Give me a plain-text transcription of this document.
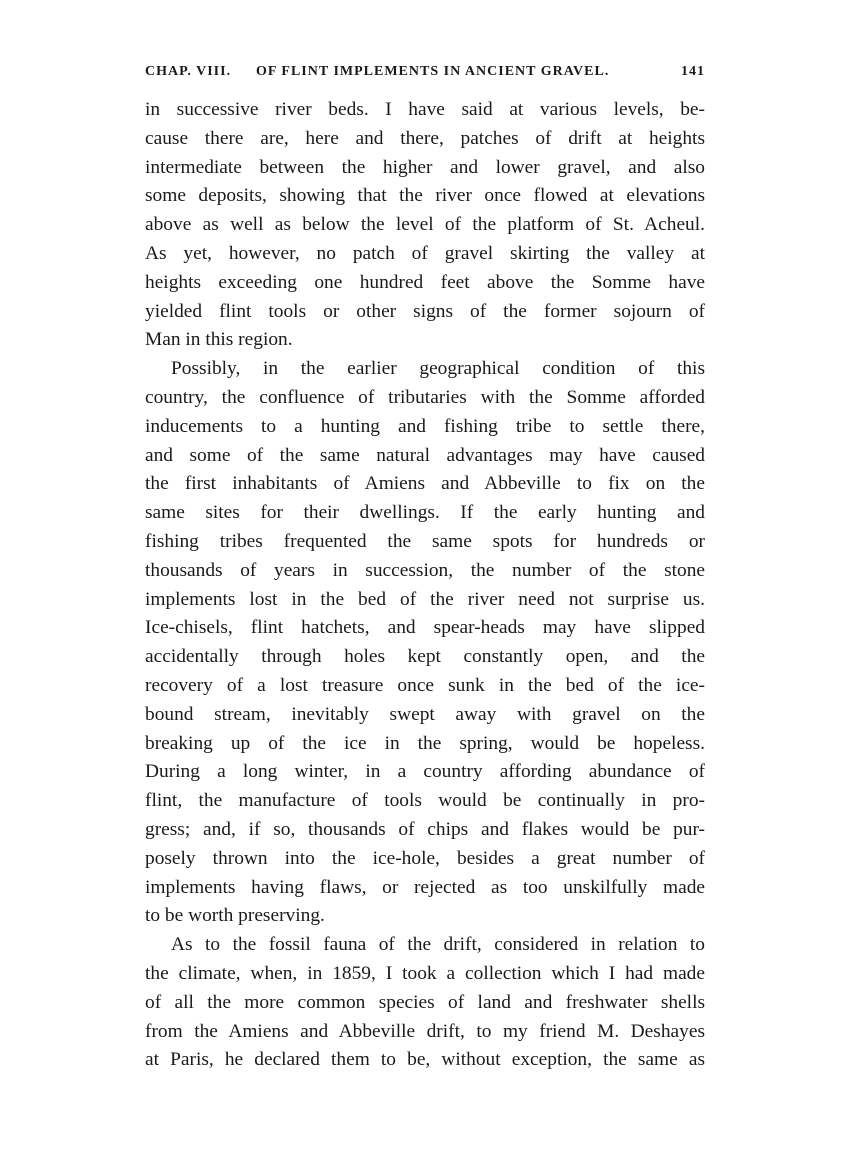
CHAP. VIII. OF FLINT IMPLEMENTS IN ANCIENT GRAVEL.	141
in successive river beds. I have said at various levels, be-
cause there are, here and there, patches of drift at heights
intermediate between the higher and lower gravel, and also
some deposits, showing that the river once flowed at elevations
above as well as below the level of the platform of St. Acheul.
As yet, however, no patch of gravel skirting the valley at
heights exceeding one hundred feet above the Somme have
yielded flint tools or other signs of the former sojourn of
Man in this region.
Possibly, in the earlier geographical condition of this
country, the confluence of tributaries with the Somme afforded
inducements to a hunting and fishing tribe to settle there,
and some of the same natural advantages may have caused
the first inhabitants of Amiens and Abbeville to fix on the
same sites for their dwellings. If the early hunting and
fishing tribes frequented the same spots for hundreds or
thousands of years in succession, the number of the stone
implements lost in the bed of the river need not surprise us.
Ice-chisels, flint hatchets, and spear-heads may have slipped
accidentally through holes kept constantly open, and the
recovery of a lost treasure once sunk in the bed of the ice-
bound stream, inevitably swept away with gravel on the
breaking up of the ice in the spring, would be hopeless.
During a long winter, in a country affording abundance of
flint, the manufacture of tools would be continually in pro-
gress; and, if so, thousands of chips and flakes would be pur-
posely thrown into the ice-hole, besides a great number of
implements having flaws, or rejected as too unskilfully made
to be worth preserving.
As to the fossil fauna of the drift, considered in relation to
the climate, when, in 1859, I took a collection which I had made
of all the more common species of land and freshwater shells
from the Amiens and Abbeville drift, to my friend M. Deshayes
at Paris, he declared them to be, without exception, the same as
